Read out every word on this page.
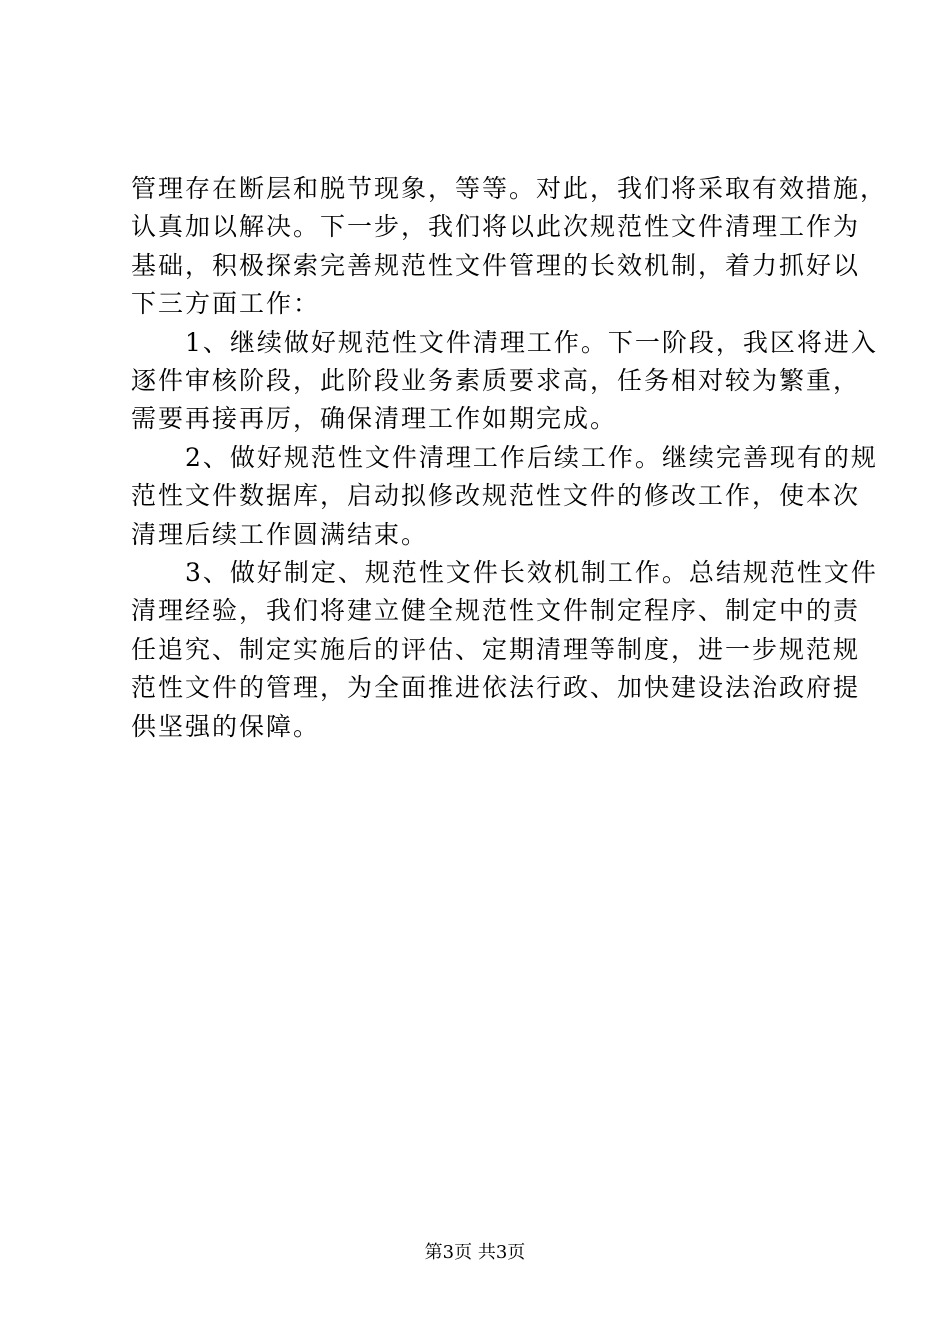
管理存在断层和脱节现象，等等。对此，我们将采取有效措施，
认真加以解决。下一步，我们将以此次规范性文件清理工作为
基础，积极探索完善规范性文件管理的长效机制，着力抓好以
下三方面工作：
　　1、继续做好规范性文件清理工作。下一阶段，我区将进入
逐件审核阶段，此阶段业务素质要求高，任务相对较为繁重，
需要再接再厉，确保清理工作如期完成。
　　2、做好规范性文件清理工作后续工作。继续完善现有的规
范性文件数据库，启动拟修改规范性文件的修改工作，使本次
清理后续工作圆满结束。
　　3、做好制定、规范性文件长效机制工作。总结规范性文件
清理经验，我们将建立健全规范性文件制定程序、制定中的责
任追究、制定实施后的评估、定期清理等制度，进一步规范规
范性文件的管理，为全面推进依法行政、加快建设法治政府提
供坚强的保障。
第3页 共3页
